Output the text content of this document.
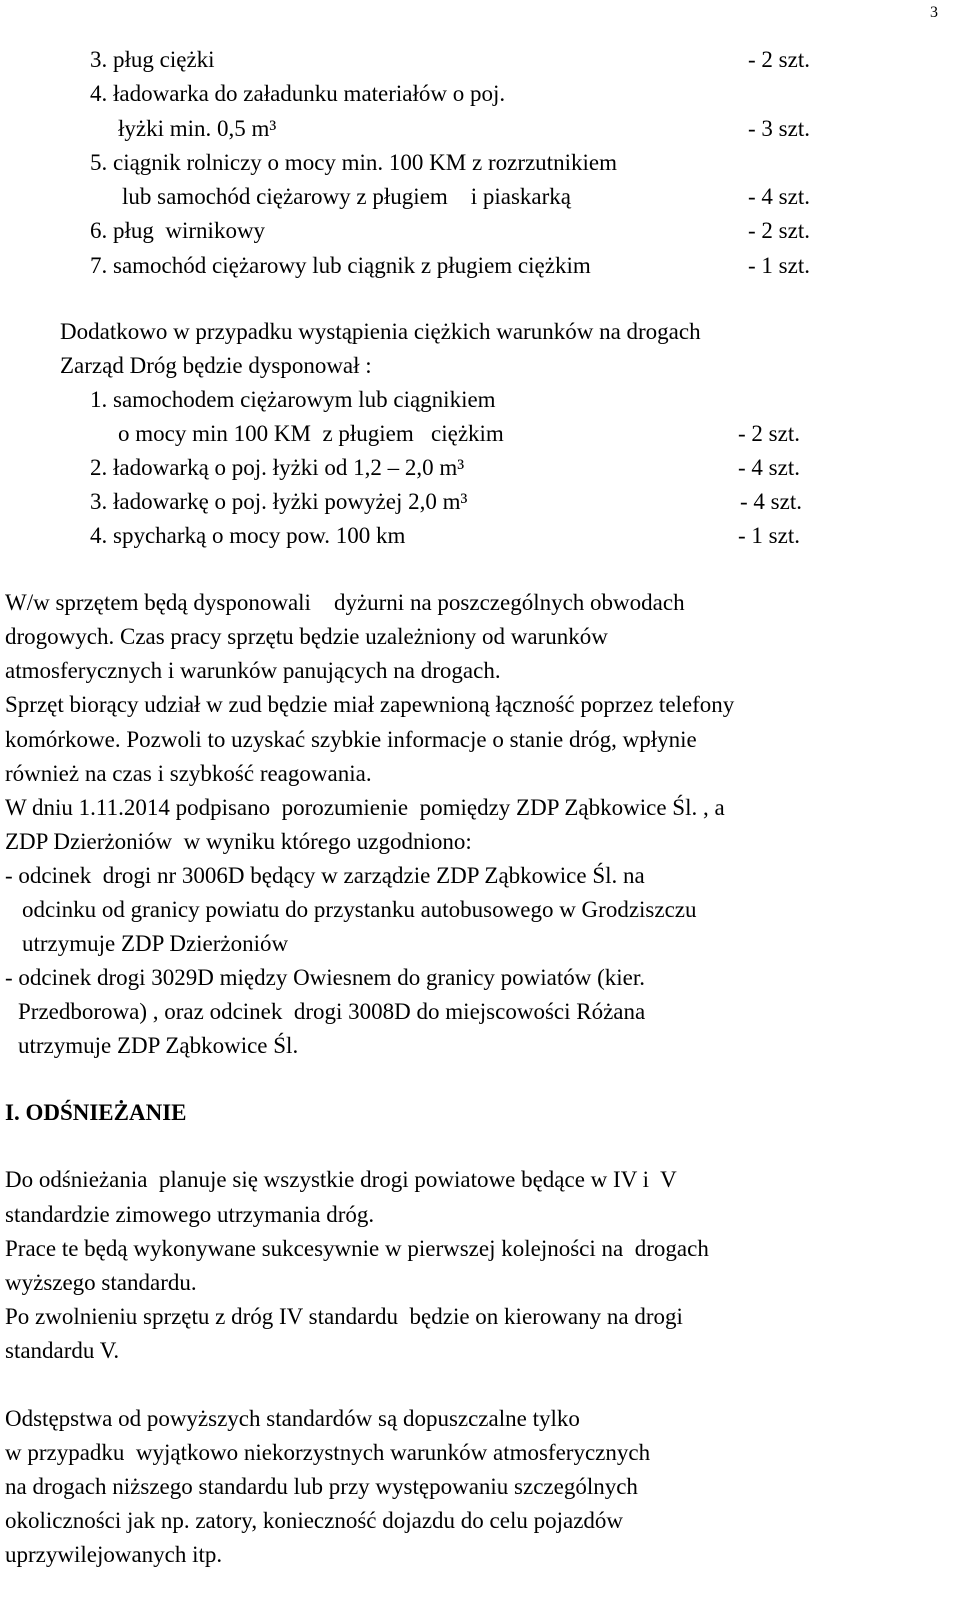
3
3. pług ciężki	- 2 szt.
4. ładowarka do załadunku materiałów o poj.
łyżki min. 0,5 m³	- 3 szt.
5. ciągnik rolniczy o mocy min. 100 KM z rozrzutnikiem
lub samochód ciężarowy z pługiem    i piaskarką	- 4 szt.
6. pług  wirnikowy	- 2 szt.
7. samochód ciężarowy lub ciągnik z pługiem ciężkim	- 1 szt.
Dodatkowo w przypadku wystąpienia ciężkich warunków na drogach
Zarząd Dróg będzie dysponował :
1. samochodem ciężarowym lub ciągnikiem
o mocy min 100 KM  z pługiem   ciężkim	- 2 szt.
2. ładowarką o poj. łyżki od 1,2 – 2,0 m³	- 4 szt.
3. ładowarkę o poj. łyżki powyżej 2,0 m³	- 4 szt.
4. spycharką o mocy pow. 100 km	- 1 szt.
W/w sprzętem będą dysponowali    dyżurni na poszczególnych obwodach
drogowych. Czas pracy sprzętu będzie uzależniony od warunków
atmosferycznych i warunków panujących na drogach.
Sprzęt biorący udział w zud będzie miał zapewnioną łączność poprzez telefony
komórkowe. Pozwoli to uzyskać szybkie informacje o stanie dróg, wpłynie
również na czas i szybkość reagowania.
W dniu 1.11.2014 podpisano  porozumienie  pomiędzy ZDP Ząbkowice Śl. , a
ZDP Dzierżoniów  w wyniku którego uzgodniono:
- odcinek  drogi nr 3006D będący w zarządzie ZDP Ząbkowice Śl. na
odcinku od granicy powiatu do przystanku autobusowego w Grodziszczu
utrzymuje ZDP Dzierżoniów
- odcinek drogi 3029D między Owiesnem do granicy powiatów (kier.
Przedborowa) , oraz odcinek  drogi 3008D do miejscowości Różana
utrzymuje ZDP Ząbkowice Śl.
I. ODŚNIEŻANIE
Do odśnieżania  planuje się wszystkie drogi powiatowe będące w IV i  V
standardzie zimowego utrzymania dróg.
Prace te będą wykonywane sukcesywnie w pierwszej kolejności na  drogach
wyższego standardu.
Po zwolnieniu sprzętu z dróg IV standardu  będzie on kierowany na drogi
standardu V.
Odstępstwa od powyższych standardów są dopuszczalne tylko
w przypadku  wyjątkowo niekorzystnych warunków atmosferycznych
na drogach niższego standardu lub przy występowaniu szczególnych
okoliczności jak np. zatory, konieczność dojazdu do celu pojazdów
uprzywilejowanych itp.
